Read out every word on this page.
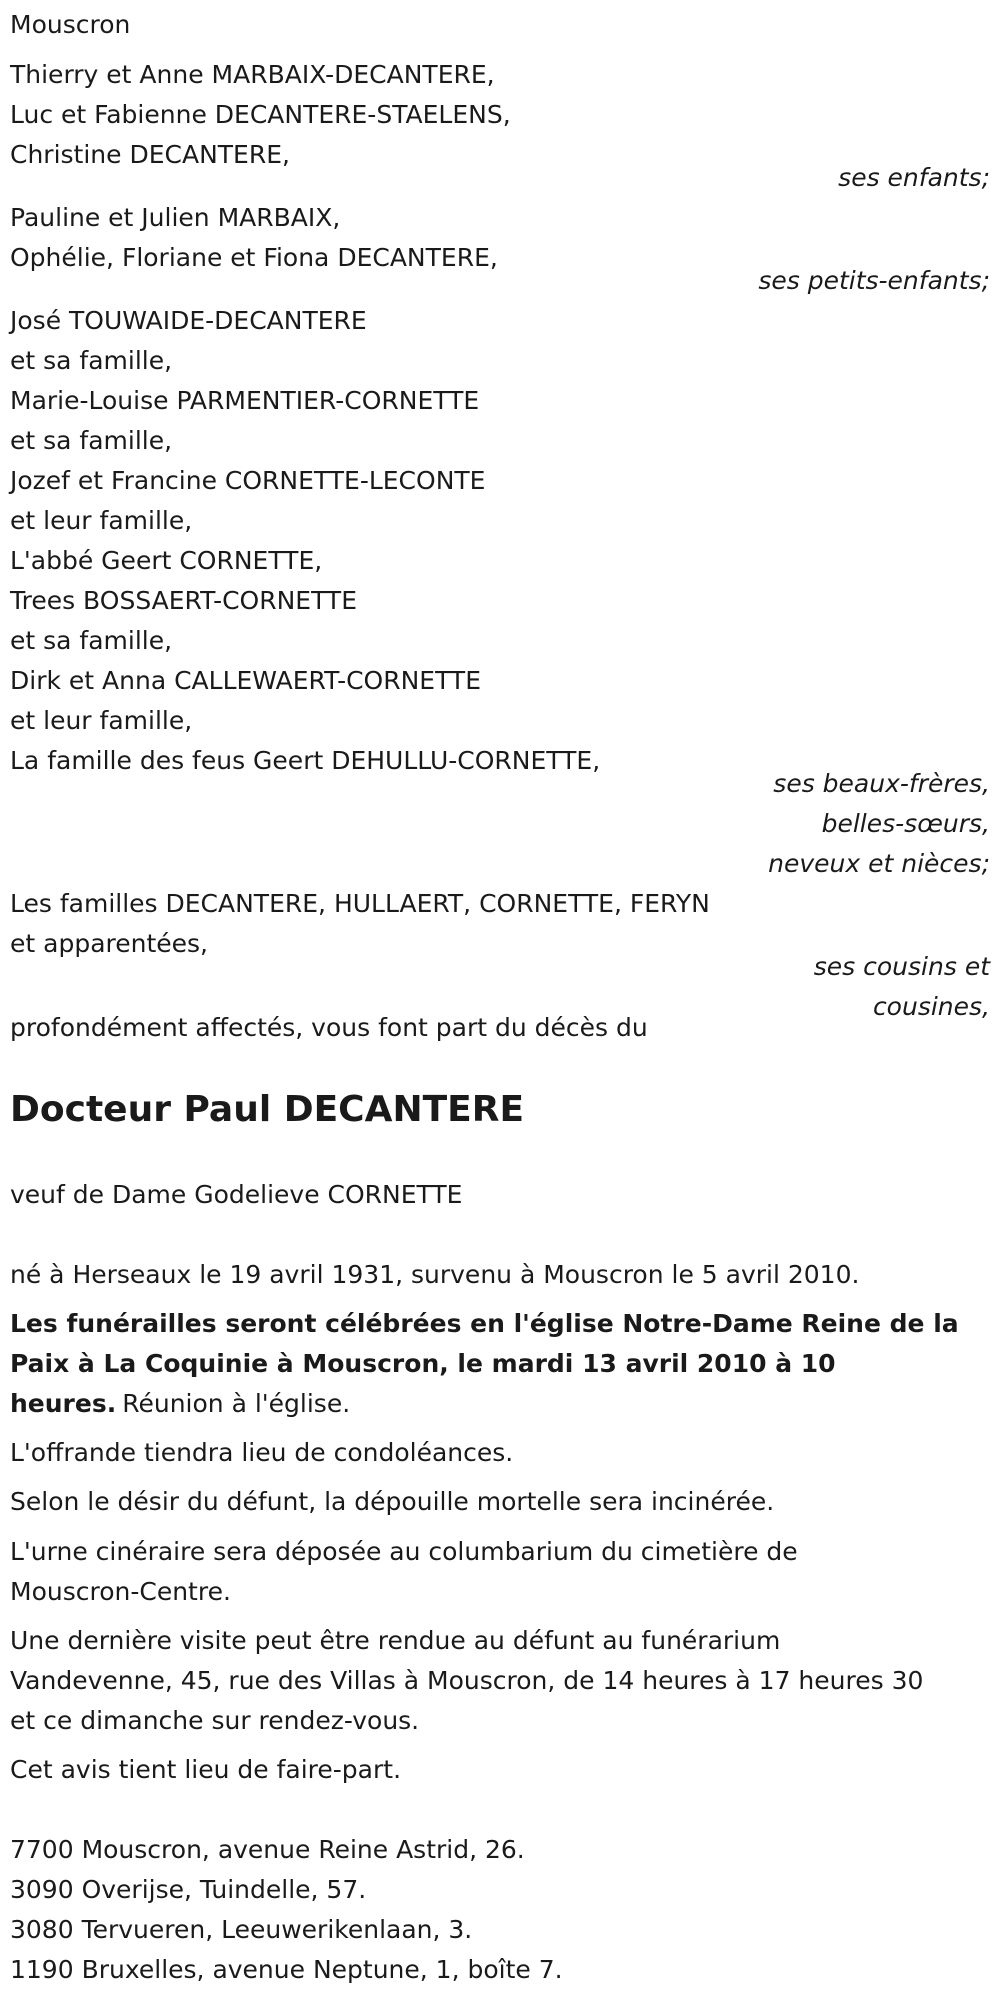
Mouscron
Thierry et Anne MARBAIX-DECANTERE,
Luc et Fabienne DECANTERE-STAELENS,
Christine DECANTERE,
ses enfants;
Pauline et Julien MARBAIX,
Ophélie, Floriane et Fiona DECANTERE,
ses petits-enfants;
José TOUWAIDE-DECANTERE
et sa famille,
Marie-Louise PARMENTIER-CORNETTE
et sa famille,
Jozef et Francine CORNETTE-LECONTE
et leur famille,
L'abbé Geert CORNETTE,
Trees BOSSAERT-CORNETTE
et sa famille,
Dirk et Anna CALLEWAERT-CORNETTE
et leur famille,
La famille des feus Geert DEHULLU-CORNETTE,
ses beaux-frères,
belles-sœurs,
neveux et nièces;
Les familles DECANTERE, HULLAERT, CORNETTE, FERYN
et apparentées,
ses cousins et
cousines,
profondément affectés, vous font part du décès du
Docteur Paul DECANTERE
veuf de Dame Godelieve CORNETTE
né à Herseaux le 19 avril 1931, survenu à Mouscron le 5 avril 2010.
Les funérailles seront célébrées en l'église Notre-Dame Reine de la
Paix à La Coquinie à Mouscron, le mardi 13 avril 2010 à 10
heures. Réunion à l'église.
L'offrande tiendra lieu de condoléances.
Selon le désir du défunt, la dépouille mortelle sera incinérée.
L'urne cinéraire sera déposée au columbarium du cimetière de
Mouscron-Centre.
Une dernière visite peut être rendue au défunt au funérarium
Vandevenne, 45, rue des Villas à Mouscron, de 14 heures à 17 heures 30
et ce dimanche sur rendez-vous.
Cet avis tient lieu de faire-part.
7700 Mouscron, avenue Reine Astrid, 26.
3090 Overijse, Tuindelle, 57.
3080 Tervueren, Leeuwerikenlaan, 3.
1190 Bruxelles, avenue Neptune, 1, boîte 7.
